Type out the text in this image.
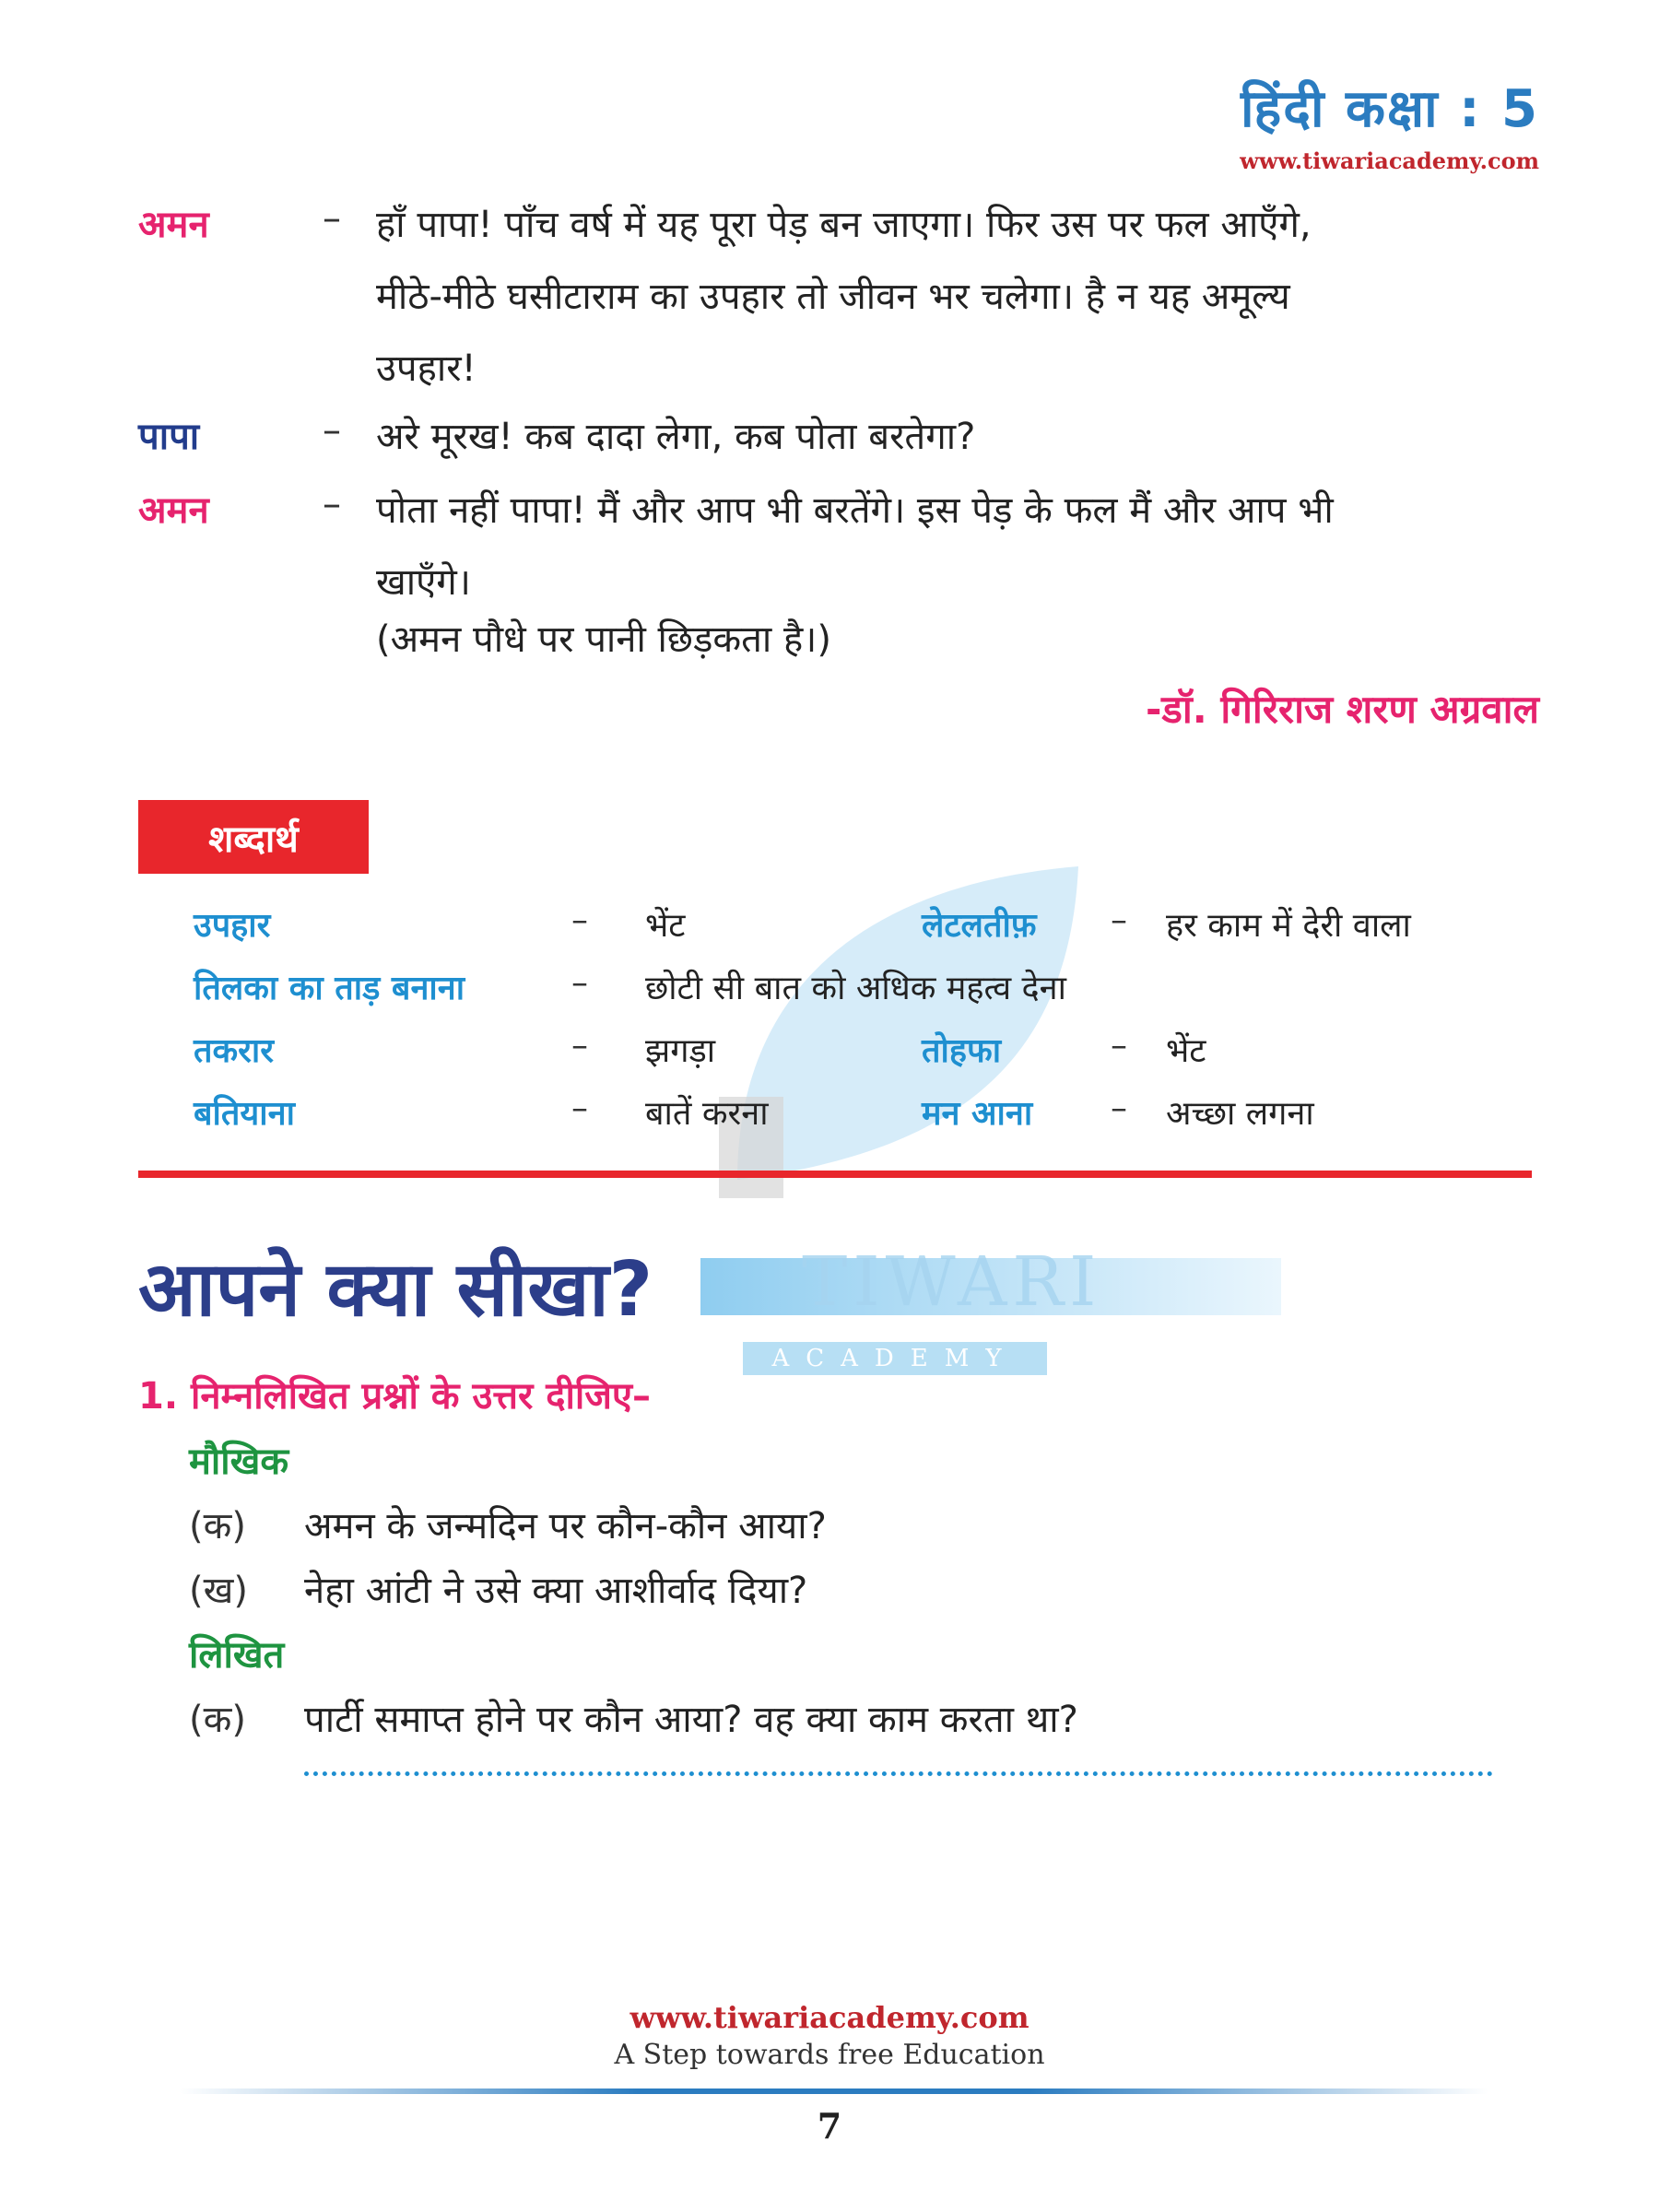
TIWARI
ACADEMY
हिंदी कक्षा : 5
www.tiwariacademy.com
अमन	– हाँ पापा! पाँच वर्ष में यह पूरा पेड़ बन जाएगा। फिर उस पर फल आएँगे,
मीठे-मीठे घसीटाराम का उपहार तो जीवन भर चलेगा। है न यह अमूल्य
उपहार!
पापा	– अरे मूरख! कब दादा लेगा, कब पोता बरतेगा?
अमन	– पोता नहीं पापा! मैं और आप भी बरतेंगे। इस पेड़ के फल मैं और आप भी
खाएँगे।
(अमन पौधे पर पानी छिड़कता है।)
-डॉ. गिरिराज शरण अग्रवाल
शब्दार्थ
उपहार	– भेंट	लेटलतीफ़ – हर काम में देरी वाला
तिलका का ताड़ बनाना	– छोटी सी बात को अधिक महत्व देना
तकरार	– झगड़ा	तोहफा	– भेंट
बतियाना	– बातें करना	मन आना – अच्छा लगना
आपने क्या सीखा?
1. निम्नलिखित प्रश्नों के उत्तर दीजिए–
मौखिक
(क) अमन के जन्मदिन पर कौन-कौन आया?
(ख) नेहा आंटी ने उसे क्या आशीर्वाद दिया?
लिखित
(क) पार्टी समाप्त होने पर कौन आया? वह क्या काम करता था?
www.tiwariacademy.com
A Step towards free Education
7
